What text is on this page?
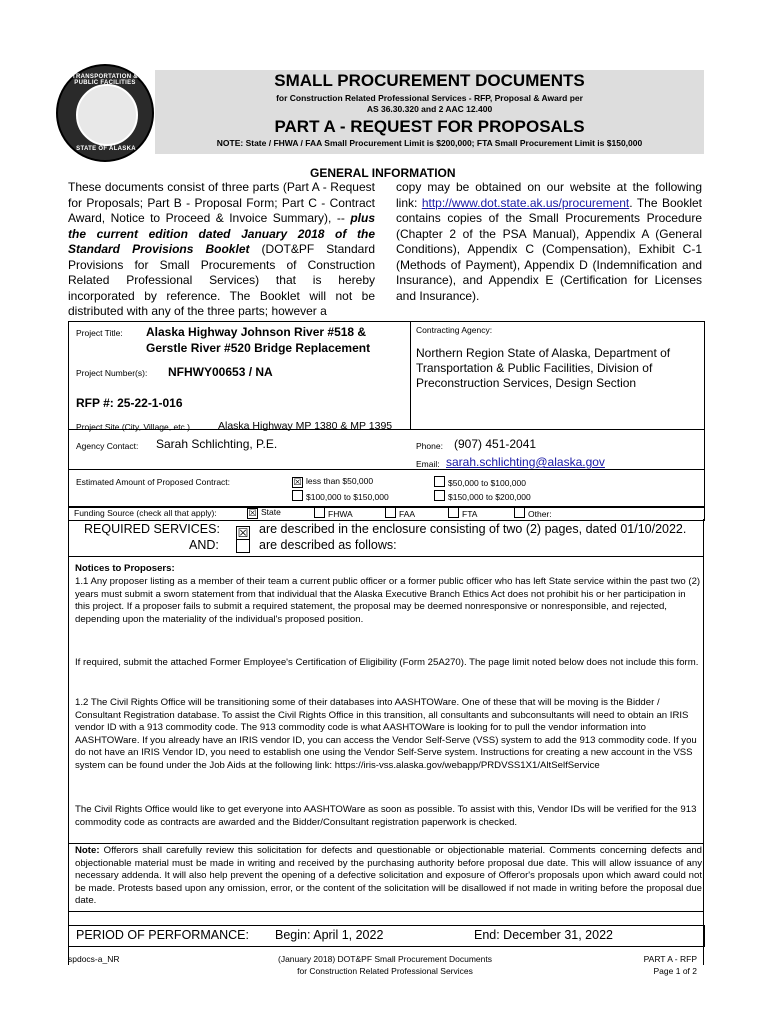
TRANSPORTATION & PUBLIC FACILITIES
STATE OF ALASKA
SMALL PROCUREMENT DOCUMENTS
for Construction Related Professional Services - RFP, Proposal & Award per
AS 36.30.320 and 2 AAC 12.400
PART A - REQUEST FOR PROPOSALS
NOTE: State / FHWA / FAA Small Procurement Limit is $200,000; FTA Small Procurement Limit is $150,000
GENERAL INFORMATION
These documents consist of three parts (Part A - Request for Proposals; Part B - Proposal Form; Part C - Contract Award, Notice to Proceed & Invoice Summary), -- plus the current edition dated January 2018 of the Standard Provisions Booklet (DOT&PF Standard Provisions for Small Procurements of Construction Related Professional Services) that is hereby incorporated by reference. The Booklet will not be distributed with any of the three parts; however a
copy may be obtained on our website at the following link: http://www.dot.state.ak.us/procurement. The Booklet contains copies of the Small Procurements Procedure (Chapter 2 of the PSA Manual), Appendix A (General Conditions), Appendix C (Compensation), Exhibit C-1 (Methods of Payment), Appendix D (Indemnification and Insurance), and Appendix E (Certification for Licenses and Insurance).
Project Title: Alaska Highway Johnson River #518 &
Gerstle River #520 Bridge Replacement
Project Number(s): NFHWY00653 / NA
RFP #: 25-22-1-016
Contracting Agency:
Northern Region State of Alaska, Department of
Transportation & Public Facilities, Division of
Preconstruction Services, Design Section
Project Site (City, Village, etc.)	Alaska Highway MP 1380 & MP 1395
Agency Contact: Sarah Schlichting, P.E.	Phone: (907) 451-2041
Email: sarah.schlichting@alaska.gov
Estimated Amount of Proposed Contract:	☒ less than $50,000	$50,000 to $100,000
$100,000 to $150,000	$150,000 to $200,000
Funding Source (check all that apply):	☒ State	FHWA	FAA	FTA	Other:
REQUIRED SERVICES: ☒ are described in the enclosure consisting of two (2) pages, dated 01/10/2022.
AND:	are described as follows:
Notices to Proposers:
1.1 Any proposer listing as a member of their team a current public officer or a former public officer who has left State service within the past two (2) years must submit a sworn statement from that individual that the Alaska Executive Branch Ethics Act does not prohibit his or her participation in this project. If a proposer fails to submit a required statement, the proposal may be deemed nonresponsive or nonresponsible, and rejected, depending upon the materiality of the individual's proposed position.
If required, submit the attached Former Employee's Certification of Eligibility (Form 25A270). The page limit noted below does not include this form.
1.2 The Civil Rights Office will be transitioning some of their databases into AASHTOWare. One of these that will be moving is the Bidder / Consultant Registration database. To assist the Civil Rights Office in this transition, all consultants and subconsultants will need to obtain an IRIS vendor ID with a 913 commodity code. The 913 commodity code is what AASHTOWare is looking for to pull the vendor information into AASHTOWare. If you already have an IRIS vendor ID, you can access the Vendor Self-Serve (VSS) system to add the 913 commodity code. If you do not have an IRIS Vendor ID, you need to establish one using the Vendor Self-Serve system. Instructions for creating a new account in the VSS system can be found under the Job Aids at the following link: https://iris-vss.alaska.gov/webapp/PRDVSS1X1/AltSelfService
The Civil Rights Office would like to get everyone into AASHTOWare as soon as possible. To assist with this, Vendor IDs will be verified for the 913 commodity code as contracts are awarded and the Bidder/Consultant registration paperwork is checked.
Note: Offerors shall carefully review this solicitation for defects and questionable or objectionable material. Comments concerning defects and objectionable material must be made in writing and received by the purchasing authority before proposal due date. This will allow issuance of any necessary addenda. It will also help prevent the opening of a defective solicitation and exposure of Offeror's proposals upon which award could not be made. Protests based upon any omission, error, or the content of the solicitation will be disallowed if not made in writing before the proposal due date.
PERIOD OF PERFORMANCE: Begin: April 1, 2022	End: December 31, 2022
spdocs-a_NR	(January 2018) DOT&PF Small Procurement Documents
for Construction Related Professional Services
PART A - RFP
Page 1 of 2
